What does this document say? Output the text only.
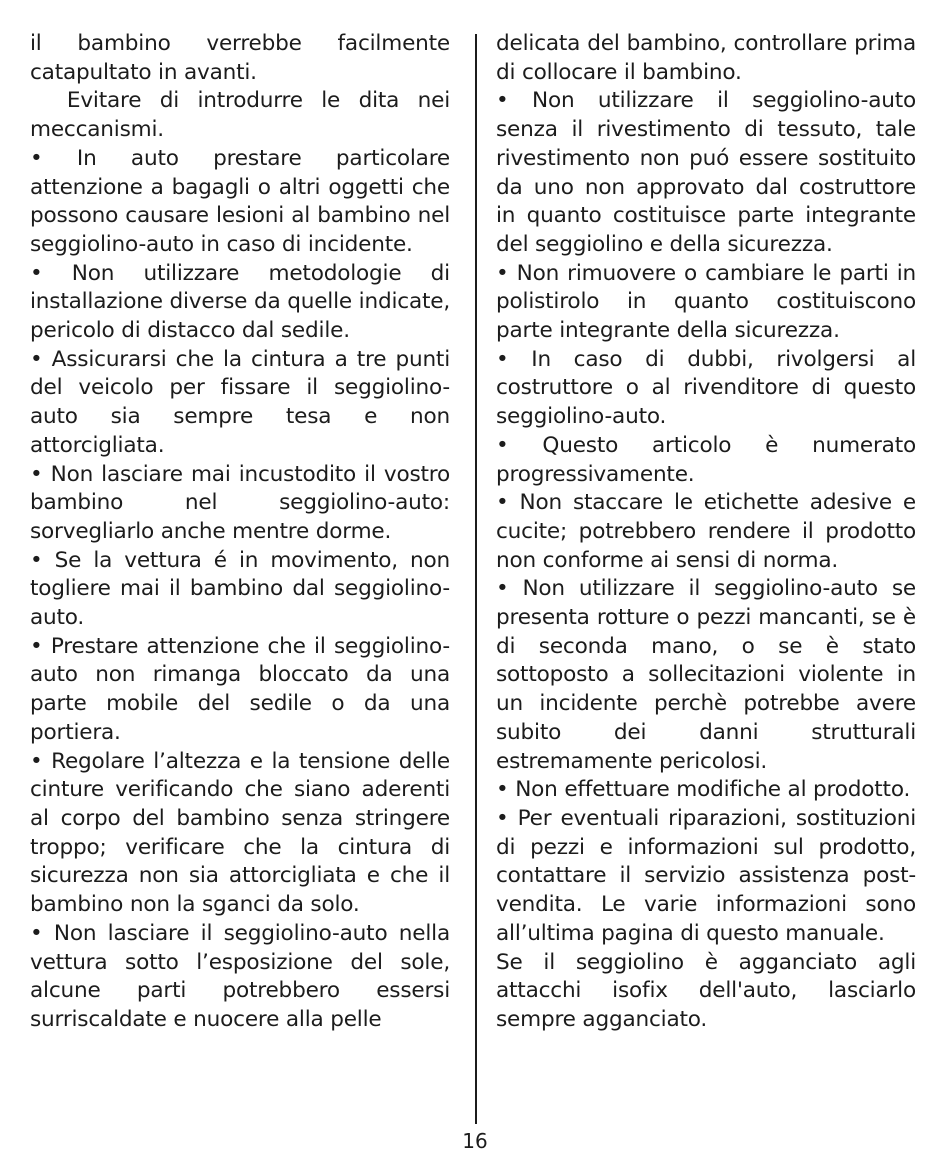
il bambino verrebbe facilmente catapultato in avanti.

Evitare di introdurre le dita nei meccanismi.

• In auto prestare particolare attenzione a bagagli o altri oggetti che possono causare lesioni al bambino nel seggiolino-auto in caso di incidente.

• Non utilizzare metodologie di installazione diverse da quelle indicate, pericolo di distacco dal sedile.

• Assicurarsi che la cintura a tre punti del veicolo per fissare il seggiolino-auto sia sempre tesa e non attorcigliata.

• Non lasciare mai incustodito il vostro bambino nel seggiolino-auto: sorvegliarlo anche mentre dorme.

• Se la vettura é in movimento, non togliere mai il bambino dal seggiolino-auto.

• Prestare attenzione che il seggiolino-auto non rimanga bloccato da una parte mobile del sedile o da una portiera.

• Regolare l’altezza e la tensione delle cinture verificando che siano aderenti al corpo del bambino senza stringere troppo; verificare che la cintura di sicurezza non sia attorcigliata e che il bambino non la sganci da solo.

• Non lasciare il seggiolino-auto nella vettura sotto l’esposizione del sole, alcune parti potrebbero essersi surriscaldate e nuocere alla pelle

delicata del bambino, controllare prima di collocare il bambino.

• Non utilizzare il seggiolino-auto senza il rivestimento di tessuto, tale rivestimento non puó essere sostituito da uno non approvato dal costruttore in quanto costituisce parte integrante del seggiolino e della sicurezza.

• Non rimuovere o cambiare le parti in polistirolo in quanto costituiscono parte integrante della sicurezza.

• In caso di dubbi, rivolgersi al costruttore o al rivenditore di questo seggiolino-auto.

• Questo articolo è numerato progressivamente.

• Non staccare le etichette adesive e cucite; potrebbero rendere il prodotto non conforme ai sensi di norma.

• Non utilizzare il seggiolino-auto se presenta rotture o pezzi mancanti, se è di seconda mano, o se è stato sottoposto a sollecitazioni violente in un incidente perchè potrebbe avere subito dei danni strutturali estremamente pericolosi.

• Non effettuare modifiche al prodotto.

• Per eventuali riparazioni, sostituzioni di pezzi e informazioni sul prodotto, contattare il servizio assistenza post-vendita. Le varie informazioni sono all’ultima pagina di questo manuale.

Se il seggiolino è agganciato agli attacchi isofix dell'auto, lasciarlo sempre agganciato.

16
